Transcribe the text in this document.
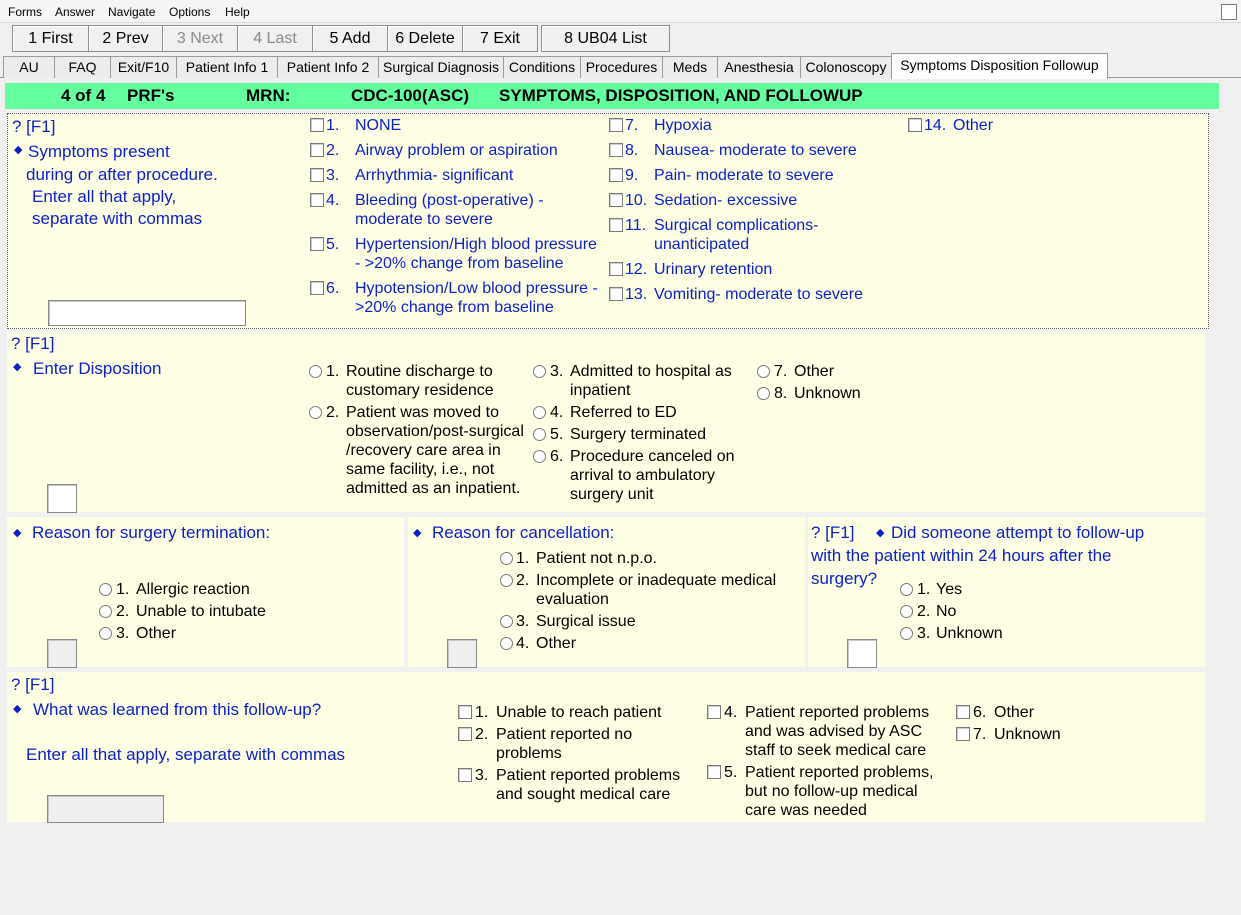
Forms Answer Navigate Options Help
1 First	2 Prev	3 Next	4 Last	5 Add	6 Delete	7 Exit	8 UB04 List
AU	FAQ	Exit/F10	Patient Info 1	Patient Info 2 Surgical Diagnosis Conditions Procedures	Meds	Anesthesia Colonoscopy Symptoms Disposition Followup
4 of 4 PRF's	MRN:	CDC-100(ASC) SYMPTOMS, DISPOSITION, AND FOLLOWUP
? [F1]
◆ Symptoms present
during or after procedure.
Enter all that apply,
separate with commas
1. NONE
2. Airway problem or aspiration
3. Arrhythmia- significant
4. Bleeding (post-operative) -
moderate to severe
5. Hypertension/High blood pressure
- >20% change from baseline
6. Hypotension/Low blood pressure -
>20% change from baseline
7. Hypoxia
8. Nausea- moderate to severe
9. Pain- moderate to severe
10. Sedation- excessive
11. Surgical complications-
unanticipated
12. Urinary retention
13. Vomiting- moderate to severe
14. Other
? [F1]
◆ Enter Disposition	1. Routine discharge to
customary residence
2. Patient was moved to
observation/post-surgical
/recovery care area in
same facility, i.e., not
admitted as an inpatient.
3. Admitted to hospital as
inpatient
4. Referred to ED
5. Surgery terminated
6. Procedure canceled on
arrival to ambulatory
surgery unit
7. Other
8. Unknown
◆ Reason for surgery termination:
1. Allergic reaction
2. Unable to intubate
3. Other
◆ Reason for cancellation:
1. Patient not n.p.o.
2. Incomplete or inadequate medical
evaluation
3. Surgical issue
4. Other
? [F1] ◆ Did someone attempt to follow-up
with the patient within 24 hours after the
surgery?
1. Yes
2. No
3. Unknown
? [F1]
◆ What was learned from this follow-up?
Enter all that apply, separate with commas
1. Unable to reach patient
2. Patient reported no
problems
3. Patient reported problems
and sought medical care
4. Patient reported problems
and was advised by ASC
staff to seek medical care
5. Patient reported problems,
but no follow-up medical
care was needed
6. Other
7. Unknown
